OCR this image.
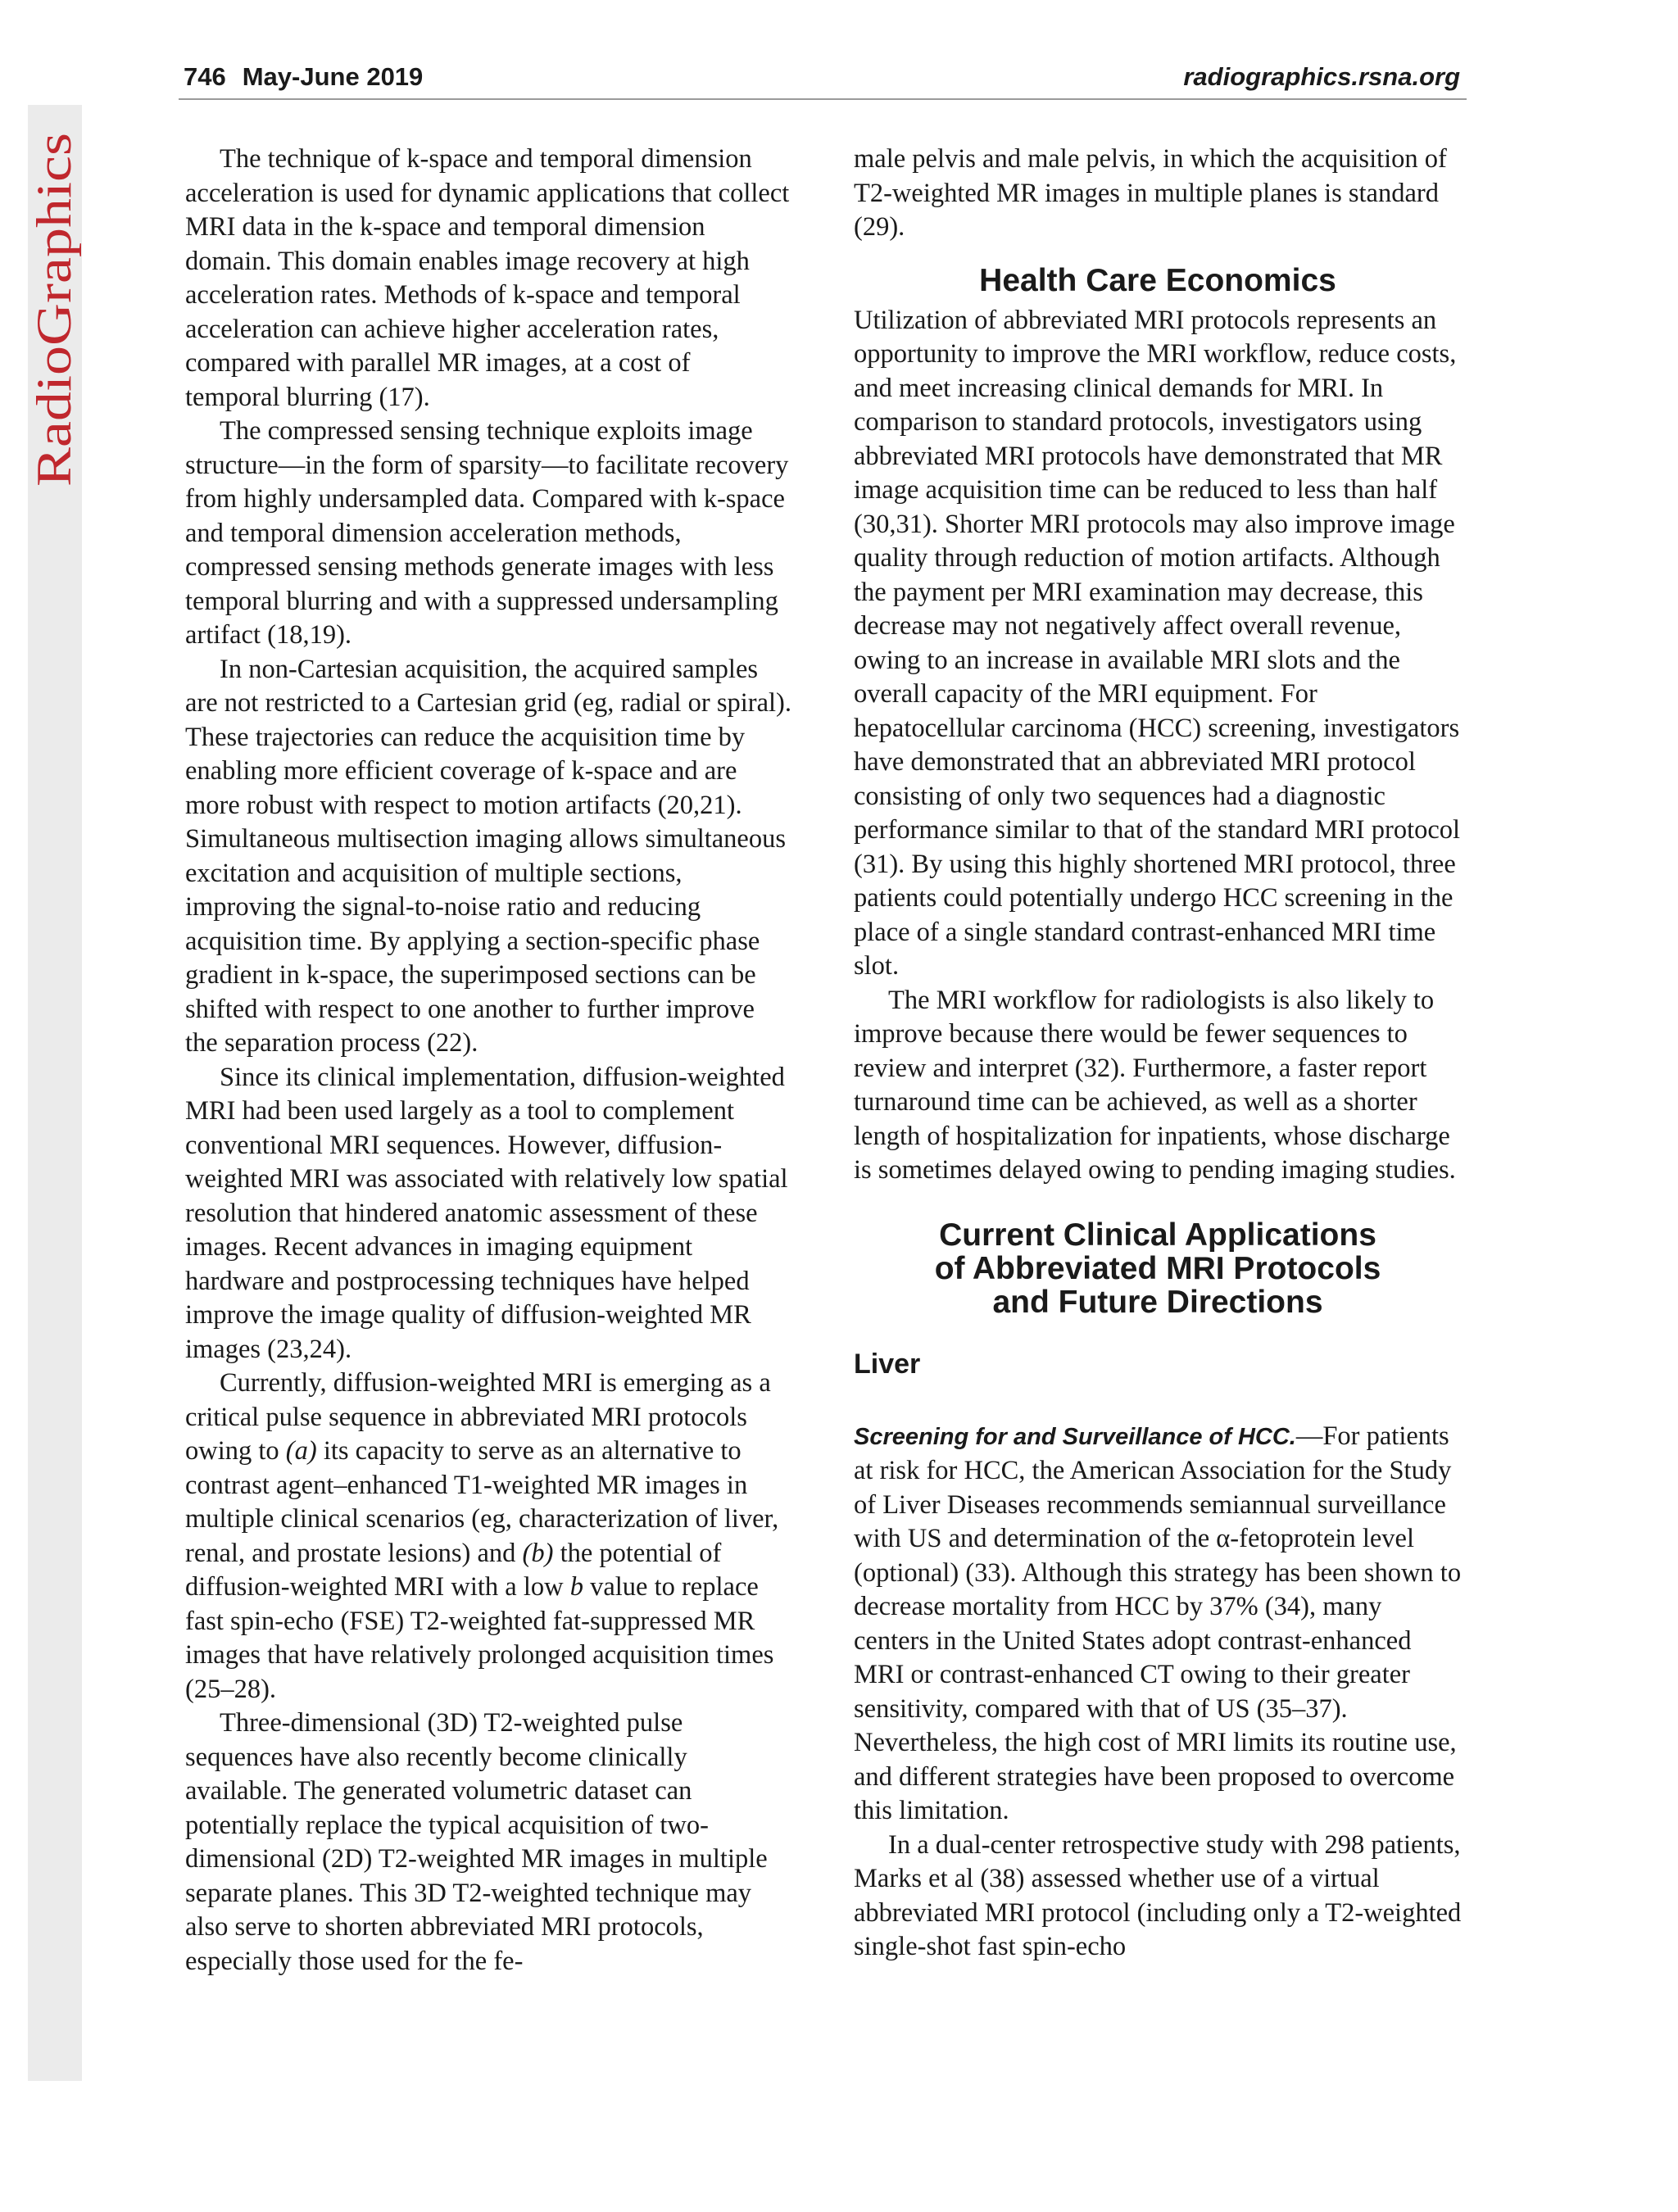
RadioGraphics
746 May-June 2019	radiographics.rsna.org

The technique of k-space and temporal dimension acceleration is used for dynamic applications that collect MRI data in the k-space and temporal dimension domain. This domain enables image recovery at high acceleration rates. Methods of k-space and temporal acceleration can achieve higher acceleration rates, compared with parallel MR images, at a cost of temporal blurring (17).

The compressed sensing technique exploits image structure—in the form of sparsity—to facilitate recovery from highly undersampled data. Compared with k-space and temporal dimension acceleration methods, compressed sensing methods generate images with less temporal blurring and with a suppressed undersampling artifact (18,19).

In non-Cartesian acquisition, the acquired samples are not restricted to a Cartesian grid (eg, radial or spiral). These trajectories can reduce the acquisition time by enabling more efficient coverage of k-space and are more robust with respect to motion artifacts (20,21). Simultaneous multisection imaging allows simultaneous excitation and acquisition of multiple sections, improving the signal-to-noise ratio and reducing acquisition time. By applying a section-specific phase gradient in k-space, the superimposed sections can be shifted with respect to one another to further improve the separation process (22).

Since its clinical implementation, diffusion-weighted MRI had been used largely as a tool to complement conventional MRI sequences. However, diffusion-weighted MRI was associated with relatively low spatial resolution that hindered anatomic assessment of these images. Recent advances in imaging equipment hardware and postprocessing techniques have helped improve the image quality of diffusion-weighted MR images (23,24).

Currently, diffusion-weighted MRI is emerging as a critical pulse sequence in abbreviated MRI protocols owing to (a) its capacity to serve as an alternative to contrast agent–enhanced T1-weighted MR images in multiple clinical scenarios (eg, characterization of liver, renal, and prostate lesions) and (b) the potential of diffusion-weighted MRI with a low b value to replace fast spin-echo (FSE) T2-weighted fat-suppressed MR images that have relatively prolonged acquisition times (25–28).

Three-dimensional (3D) T2-weighted pulse sequences have also recently become clinically available. The generated volumetric dataset can potentially replace the typical acquisition of two-dimensional (2D) T2-weighted MR images in multiple separate planes. This 3D T2-weighted technique may also serve to shorten abbreviated MRI protocols, especially those used for the fe-

male pelvis and male pelvis, in which the acquisition of T2-weighted MR images in multiple planes is standard (29).

Health Care Economics

Utilization of abbreviated MRI protocols represents an opportunity to improve the MRI workflow, reduce costs, and meet increasing clinical demands for MRI. In comparison to standard protocols, investigators using abbreviated MRI protocols have demonstrated that MR image acquisition time can be reduced to less than half (30,31). Shorter MRI protocols may also improve image quality through reduction of motion artifacts. Although the payment per MRI examination may decrease, this decrease may not negatively affect overall revenue, owing to an increase in available MRI slots and the overall capacity of the MRI equipment. For hepatocellular carcinoma (HCC) screening, investigators have demonstrated that an abbreviated MRI protocol consisting of only two sequences had a diagnostic performance similar to that of the standard MRI protocol (31). By using this highly shortened MRI protocol, three patients could potentially undergo HCC screening in the place of a single standard contrast-enhanced MRI time slot.

The MRI workflow for radiologists is also likely to improve because there would be fewer sequences to review and interpret (32). Furthermore, a faster report turnaround time can be achieved, as well as a shorter length of hospitalization for inpatients, whose discharge is sometimes delayed owing to pending imaging studies.

Current Clinical Applications
of Abbreviated MRI Protocols
and Future Directions
Liver

Screening for and Surveillance of HCC.—For patients at risk for HCC, the American Association for the Study of Liver Diseases recommends semiannual surveillance with US and determination of the α-fetoprotein level (optional) (33). Although this strategy has been shown to decrease mortality from HCC by 37% (34), many centers in the United States adopt contrast-enhanced MRI or contrast-enhanced CT owing to their greater sensitivity, compared with that of US (35–37). Nevertheless, the high cost of MRI limits its routine use, and different strategies have been proposed to overcome this limitation.

In a dual-center retrospective study with 298 patients, Marks et al (38) assessed whether use of a virtual abbreviated MRI protocol (including only a T2-weighted single-shot fast spin-echo
